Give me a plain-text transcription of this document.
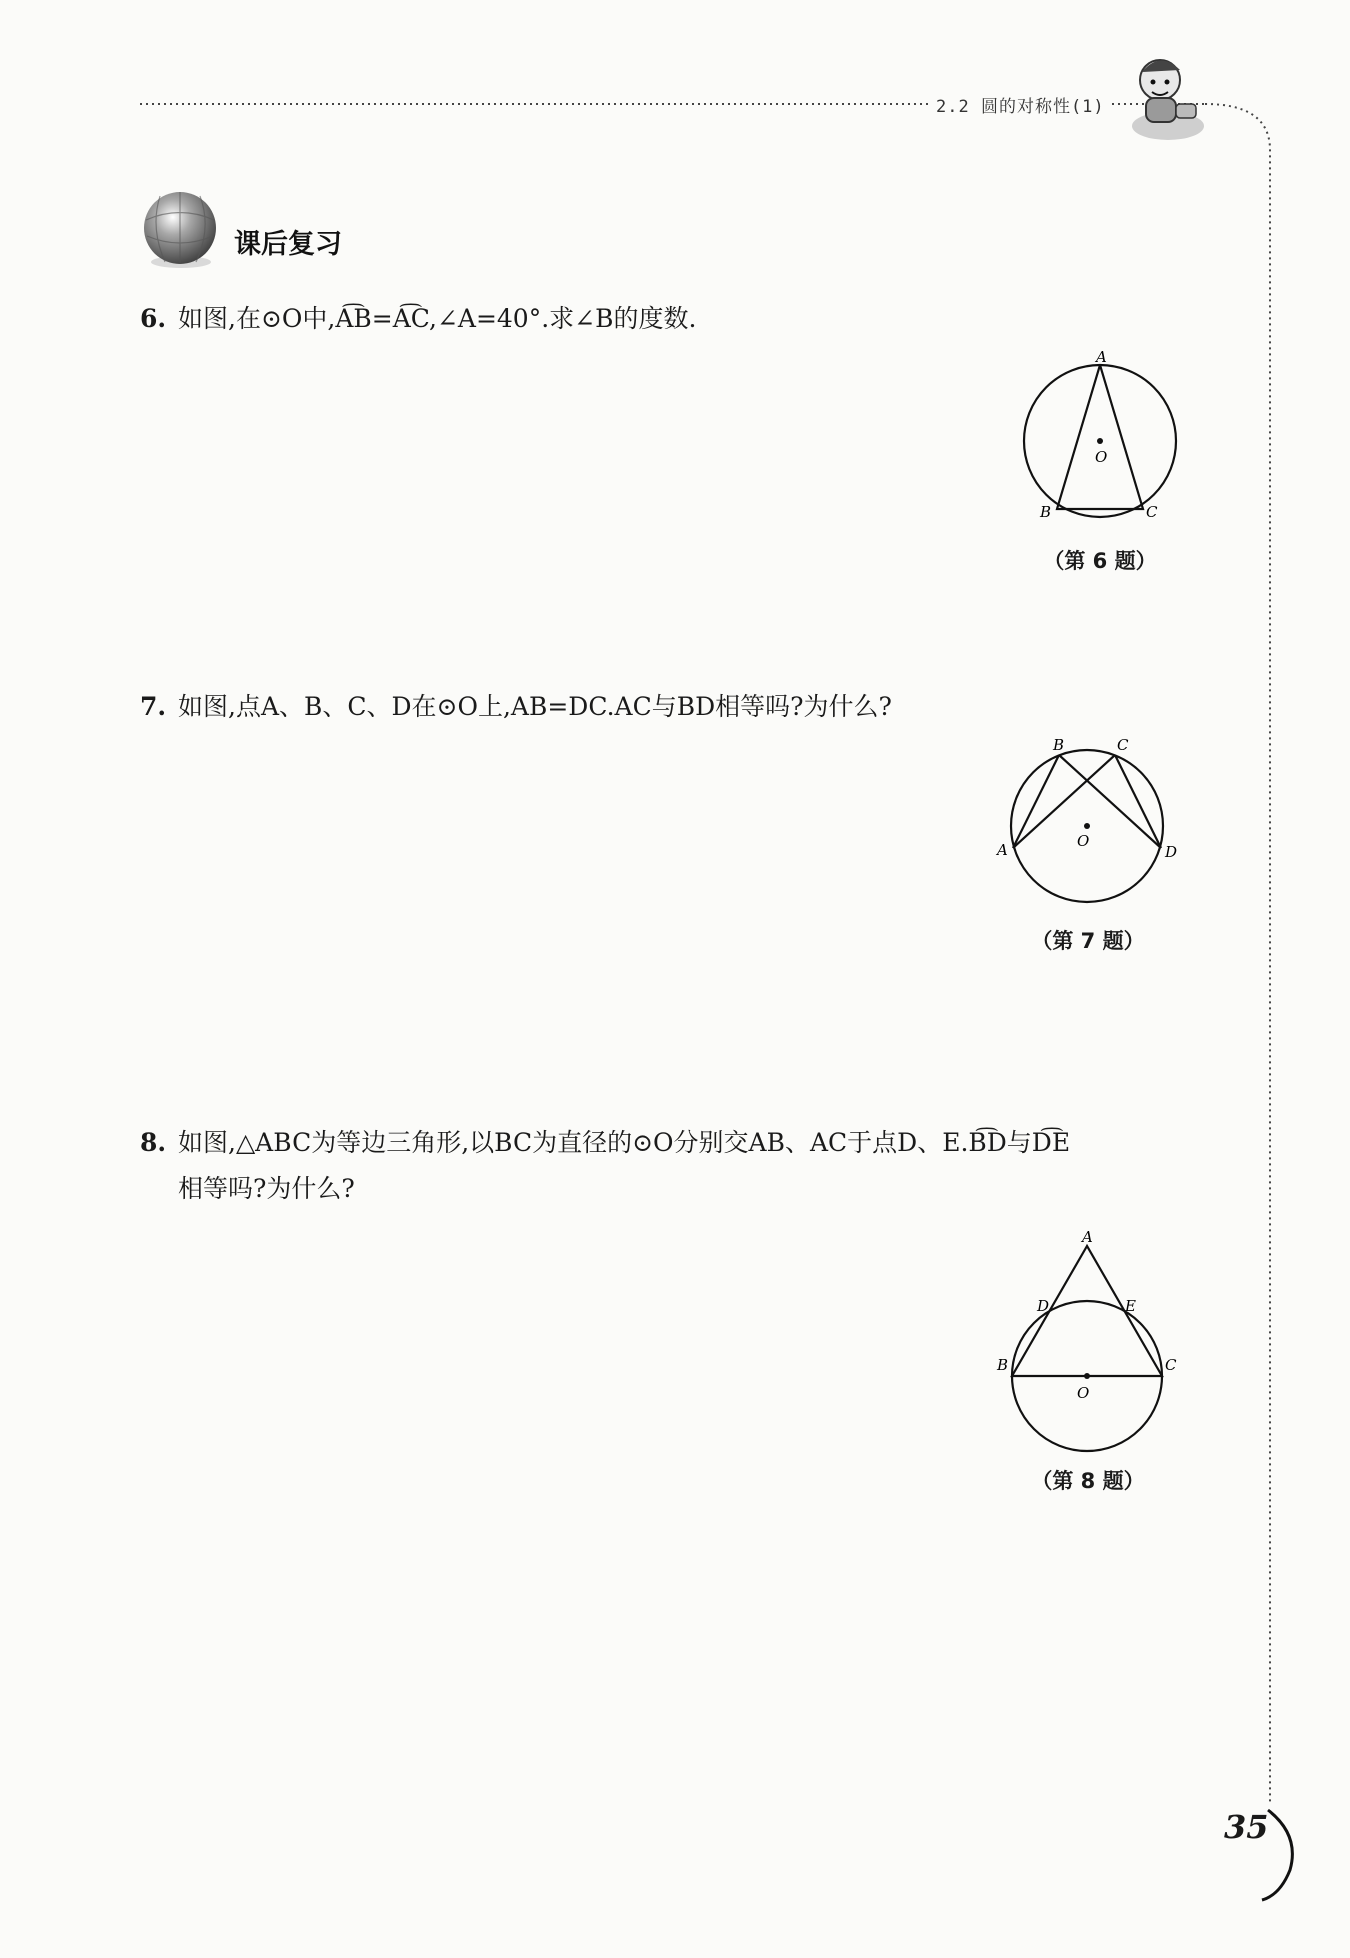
2.2 圆的对称性(1)
课后复习
6. 如图,在⊙O中,A͡B=A͡C,∠A=40°.求∠B的度数.
A
O
B	C
（第 6 题）
7. 如图,点A、B、C、D在⊙O上,AB=DC.AC与BD相等吗?为什么?
B	C
A	O
D
（第 7 题）
8. 如图,△ABC为等边三角形,以BC为直径的⊙O分别交AB、AC于点D、E.B͡D与D͡E
相等吗?为什么?
A
D	E
B
O
C
（第 8 题）
35
